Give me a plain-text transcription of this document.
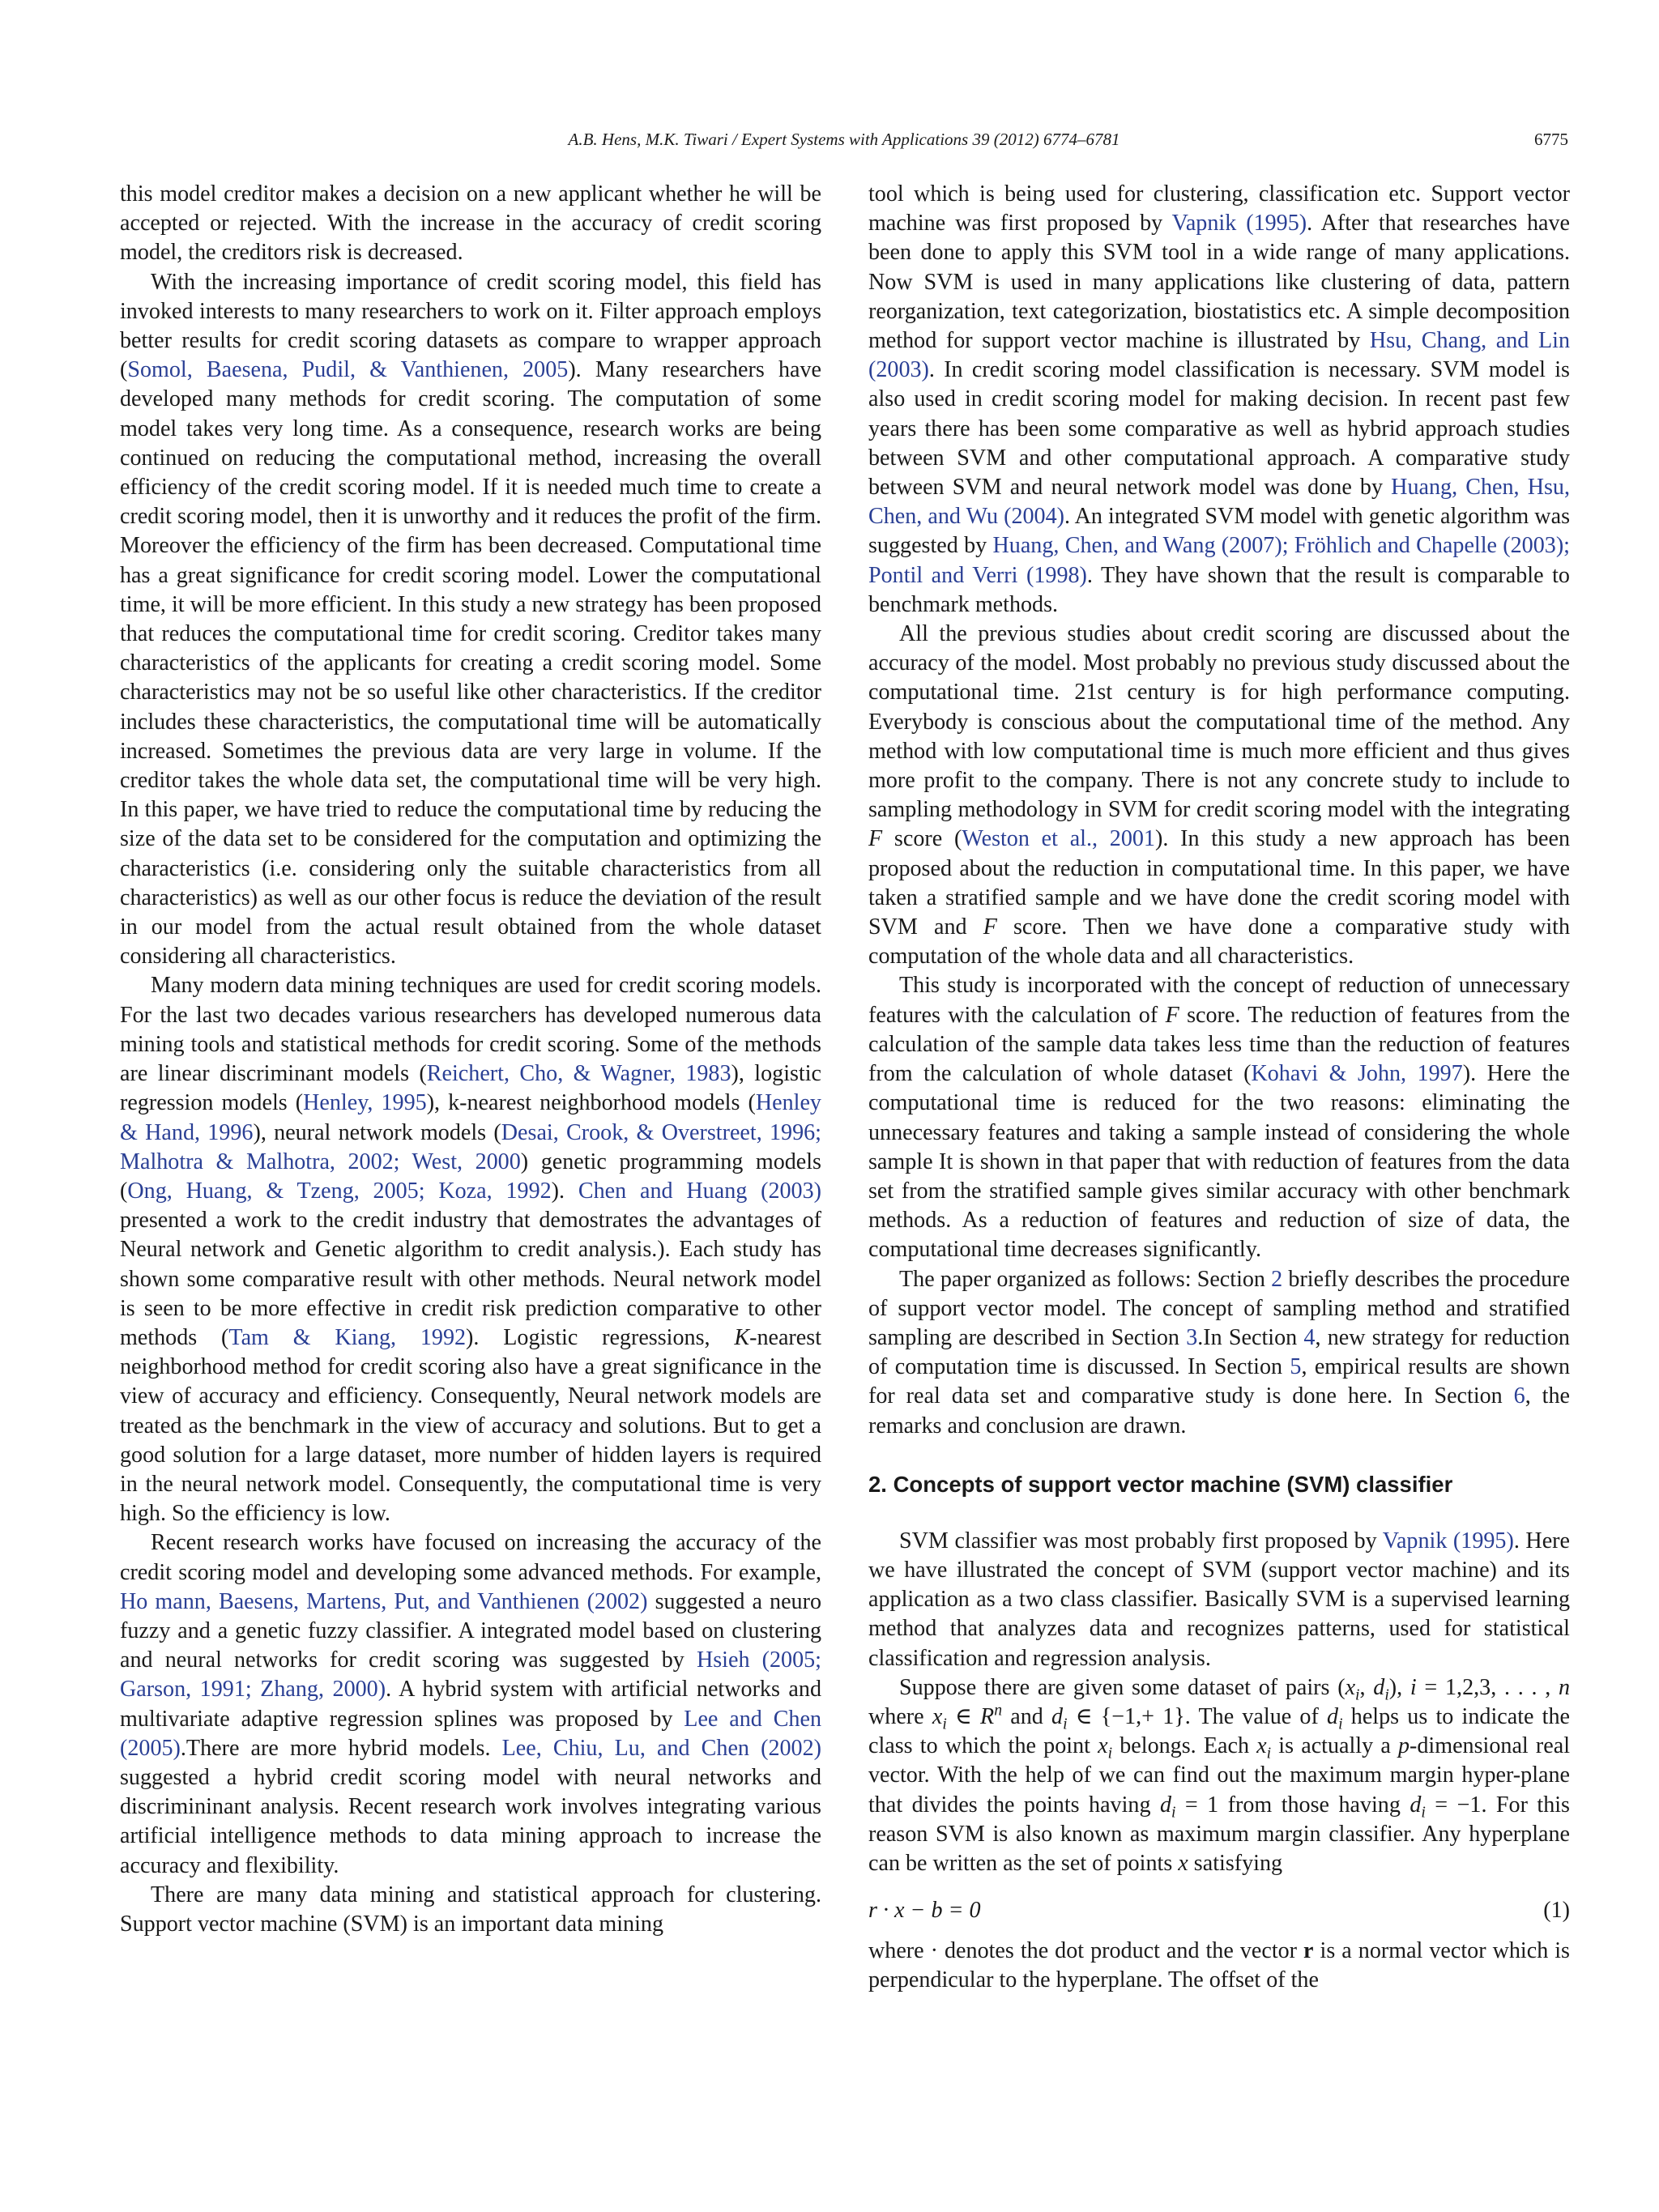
A.B. Hens, M.K. Tiwari / Expert Systems with Applications 39 (2012) 6774–6781	6775

this model creditor makes a decision on a new applicant whether he will be accepted or rejected. With the increase in the accuracy of credit scoring model, the creditors risk is decreased.

With the increasing importance of credit scoring model, this field has invoked interests to many researchers to work on it. Filter approach employs better results for credit scoring datasets as compare to wrapper approach (Somol, Baesena, Pudil, & Vanthienen, 2005). Many researchers have developed many methods for credit scoring. The computation of some model takes very long time. As a consequence, research works are being continued on reducing the computational method, increasing the overall efficiency of the credit scoring model. If it is needed much time to create a credit scoring model, then it is unworthy and it reduces the profit of the firm. Moreover the efficiency of the firm has been decreased. Computational time has a great significance for credit scoring model. Lower the computational time, it will be more efficient. In this study a new strategy has been proposed that reduces the computational time for credit scoring. Creditor takes many characteristics of the applicants for creating a credit scoring model. Some characteristics may not be so useful like other characteristics. If the creditor includes these characteristics, the computational time will be automatically increased. Sometimes the previous data are very large in volume. If the creditor takes the whole data set, the computational time will be very high. In this paper, we have tried to reduce the computational time by reducing the size of the data set to be considered for the computation and optimizing the characteristics (i.e. considering only the suitable characteristics from all characteristics) as well as our other focus is reduce the deviation of the result in our model from the actual result obtained from the whole dataset considering all characteristics.

Many modern data mining techniques are used for credit scoring models. For the last two decades various researchers has developed numerous data mining tools and statistical methods for credit scoring. Some of the methods are linear discriminant models (Reichert, Cho, & Wagner, 1983), logistic regression models (Henley, 1995), k-nearest neighborhood models (Henley & Hand, 1996), neural network models (Desai, Crook, & Overstreet, 1996; Malhotra & Malhotra, 2002; West, 2000) genetic programming models (Ong, Huang, & Tzeng, 2005; Koza, 1992). Chen and Huang (2003) presented a work to the credit industry that demostrates the advantages of Neural network and Genetic algorithm to credit analysis.). Each study has shown some comparative result with other methods. Neural network model is seen to be more effective in credit risk prediction comparative to other methods (Tam & Kiang, 1992). Logistic regressions, K-nearest neighborhood method for credit scoring also have a great significance in the view of accuracy and efficiency. Consequently, Neural network models are treated as the benchmark in the view of accuracy and solutions. But to get a good solution for a large dataset, more number of hidden layers is required in the neural network model. Consequently, the computational time is very high. So the efficiency is low.

Recent research works have focused on increasing the accuracy of the credit scoring model and developing some advanced methods. For example, Ho mann, Baesens, Martens, Put, and Vanthienen (2002) suggested a neuro fuzzy and a genetic fuzzy classifier. A integrated model based on clustering and neural networks for credit scoring was suggested by Hsieh (2005; Garson, 1991; Zhang, 2000). A hybrid system with artificial networks and multivariate adaptive regression splines was proposed by Lee and Chen (2005).There are more hybrid models. Lee, Chiu, Lu, and Chen (2002) suggested a hybrid credit scoring model with neural networks and discrimininant analysis. Recent research work involves integrating various artificial intelligence methods to data mining approach to increase the accuracy and flexibility.

There are many data mining and statistical approach for clustering. Support vector machine (SVM) is an important data mining

tool which is being used for clustering, classification etc. Support vector machine was first proposed by Vapnik (1995). After that researches have been done to apply this SVM tool in a wide range of many applications. Now SVM is used in many applications like clustering of data, pattern reorganization, text categorization, biostatistics etc. A simple decomposition method for support vector machine is illustrated by Hsu, Chang, and Lin (2003). In credit scoring model classification is necessary. SVM model is also used in credit scoring model for making decision. In recent past few years there has been some comparative as well as hybrid approach studies between SVM and other computational approach. A comparative study between SVM and neural network model was done by Huang, Chen, Hsu, Chen, and Wu (2004). An integrated SVM model with genetic algorithm was suggested by Huang, Chen, and Wang (2007); Fröhlich and Chapelle (2003); Pontil and Verri (1998). They have shown that the result is comparable to benchmark methods.

All the previous studies about credit scoring are discussed about the accuracy of the model. Most probably no previous study discussed about the computational time. 21st century is for high performance computing. Everybody is conscious about the computational time of the method. Any method with low computational time is much more efficient and thus gives more profit to the company. There is not any concrete study to include to sampling methodology in SVM for credit scoring model with the integrating F score (Weston et al., 2001). In this study a new approach has been proposed about the reduction in computational time. In this paper, we have taken a stratified sample and we have done the credit scoring model with SVM and F score. Then we have done a comparative study with computation of the whole data and all characteristics.

This study is incorporated with the concept of reduction of unnecessary features with the calculation of F score. The reduction of features from the calculation of the sample data takes less time than the reduction of features from the calculation of whole dataset (Kohavi & John, 1997). Here the computational time is reduced for the two reasons: eliminating the unnecessary features and taking a sample instead of considering the whole sample It is shown in that paper that with reduction of features from the data set from the stratified sample gives similar accuracy with other benchmark methods. As a reduction of features and reduction of size of data, the computational time decreases significantly.

The paper organized as follows: Section 2 briefly describes the procedure of support vector model. The concept of sampling method and stratified sampling are described in Section 3.In Section 4, new strategy for reduction of computation time is discussed. In Section 5, empirical results are shown for real data set and comparative study is done here. In Section 6, the remarks and conclusion are drawn.

2. Concepts of support vector machine (SVM) classifier

SVM classifier was most probably first proposed by Vapnik (1995). Here we have illustrated the concept of SVM (support vector machine) and its application as a two class classifier. Basically SVM is a supervised learning method that analyzes data and recognizes patterns, used for statistical classification and regression analysis.

Suppose there are given some dataset of pairs ($x_i$, $d_i$), i = 1,2,3, . . . , n where $x_i$ ∈ $R^n$ and $d_i$ ∈ {−1,+ 1}. The value of $d_i$ helps us to indicate the class to which the point $x_i$ belongs. Each $x_i$ is actually a p-dimensional real vector. With the help of we can find out the maximum margin hyper-plane that divides the points having $d_i = 1$ from those having $d_i = -1$. For this reason SVM is also known as maximum margin classifier. Any hyperplane can be written as the set of points x satisfying

r · x − b = 0	(1)

where · denotes the dot product and the vector r is a normal vector which is perpendicular to the hyperplane. The offset of the
